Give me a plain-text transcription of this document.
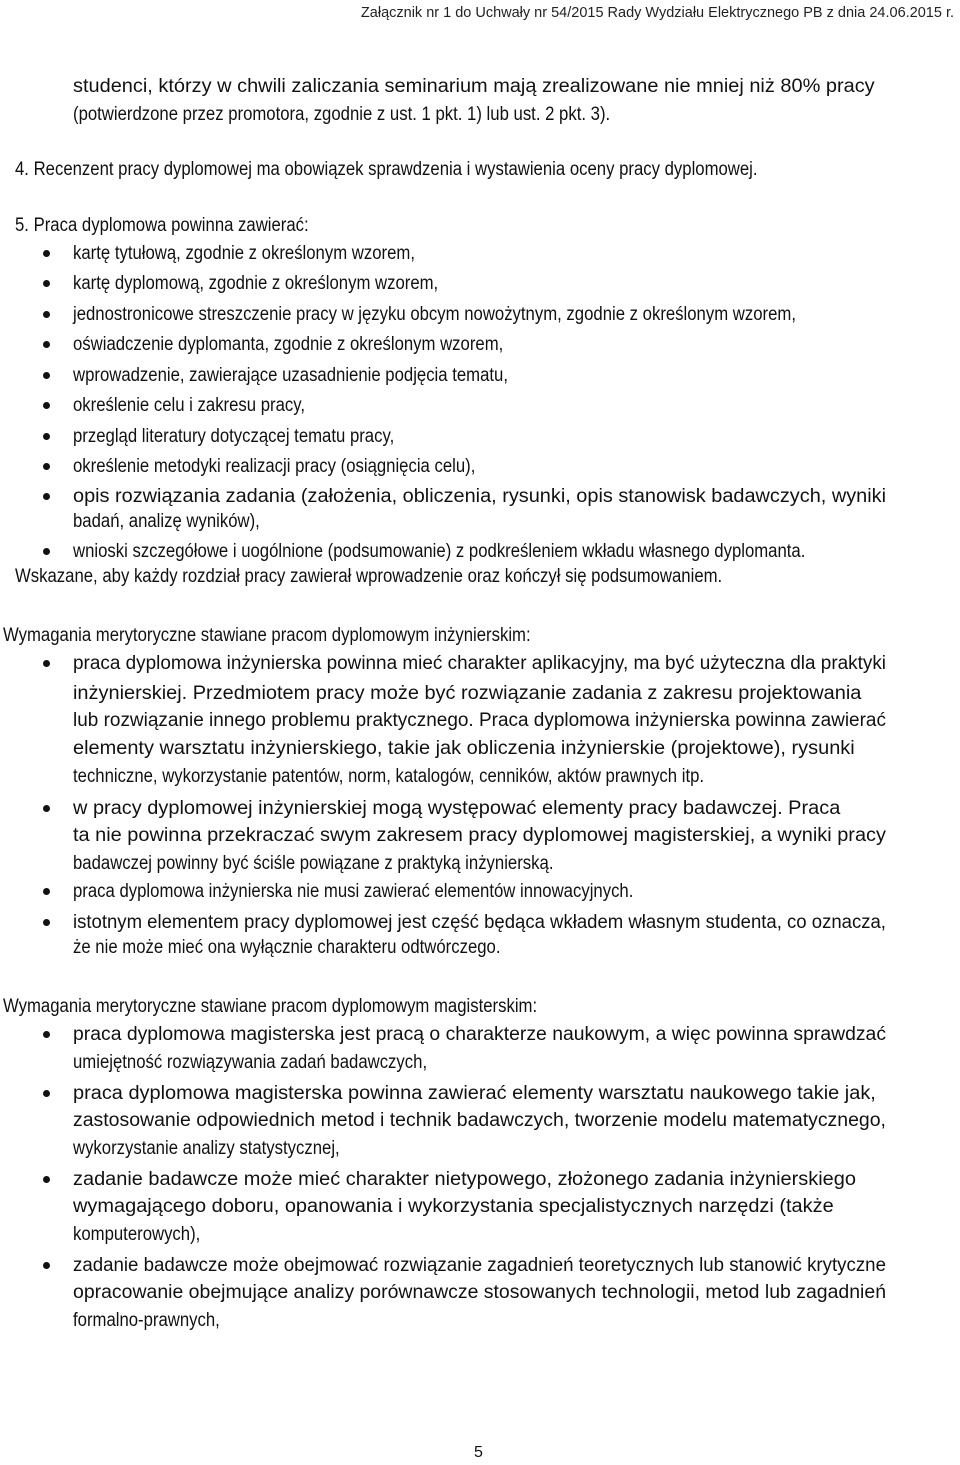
Załącznik nr 1 do Uchwały nr 54/2015 Rady Wydziału Elektrycznego PB z dnia 24.06.2015 r.
studenci, którzy w chwili zaliczania seminarium mają zrealizowane nie mniej niż 80% pracy
(potwierdzone przez promotora, zgodnie z ust. 1 pkt. 1) lub ust. 2 pkt. 3).
4. Recenzent pracy dyplomowej ma obowiązek sprawdzenia i wystawienia oceny pracy dyplomowej.
5. Praca dyplomowa powinna zawierać:
kartę tytułową, zgodnie z określonym wzorem,
kartę dyplomową, zgodnie z określonym wzorem,
jednostronicowe streszczenie pracy w języku obcym nowożytnym, zgodnie z określonym wzorem,
oświadczenie dyplomanta, zgodnie z określonym wzorem,
wprowadzenie, zawierające uzasadnienie podjęcia tematu,
określenie celu i zakresu pracy,
przegląd literatury dotyczącej tematu pracy,
określenie metodyki realizacji pracy (osiągnięcia celu),
opis rozwiązania zadania (założenia, obliczenia, rysunki, opis stanowisk badawczych, wyniki
badań, analizę wyników),
wnioski szczegółowe i uogólnione (podsumowanie) z podkreśleniem wkładu własnego dyplomanta.
Wskazane, aby każdy rozdział pracy zawierał wprowadzenie oraz kończył się podsumowaniem.
Wymagania merytoryczne stawiane pracom dyplomowym inżynierskim:
praca dyplomowa inżynierska powinna mieć charakter aplikacyjny, ma być użyteczna dla praktyki
inżynierskiej. Przedmiotem pracy może być rozwiązanie zadania z zakresu projektowania
lub rozwiązanie innego problemu praktycznego. Praca dyplomowa inżynierska powinna zawierać
elementy warsztatu inżynierskiego, takie jak obliczenia inżynierskie (projektowe), rysunki
techniczne, wykorzystanie patentów, norm, katalogów, cenników, aktów prawnych itp.
w pracy dyplomowej inżynierskiej mogą występować elementy pracy badawczej. Praca
ta nie powinna przekraczać swym zakresem pracy dyplomowej magisterskiej, a wyniki pracy
badawczej powinny być ściśle powiązane z praktyką inżynierską.
praca dyplomowa inżynierska nie musi zawierać elementów innowacyjnych.
istotnym elementem pracy dyplomowej jest część będąca wkładem własnym studenta, co oznacza,
że nie może mieć ona wyłącznie charakteru odtwórczego.
Wymagania merytoryczne stawiane pracom dyplomowym magisterskim:
praca dyplomowa magisterska jest pracą o charakterze naukowym, a więc powinna sprawdzać
umiejętność rozwiązywania zadań badawczych,
praca dyplomowa magisterska powinna zawierać elementy warsztatu naukowego takie jak,
zastosowanie odpowiednich metod i technik badawczych, tworzenie modelu matematycznego,
wykorzystanie analizy statystycznej,
zadanie badawcze może mieć charakter nietypowego, złożonego zadania inżynierskiego
wymagającego doboru, opanowania i wykorzystania specjalistycznych narzędzi (także
komputerowych),
zadanie badawcze może obejmować rozwiązanie zagadnień teoretycznych lub stanowić krytyczne
opracowanie obejmujące analizy porównawcze stosowanych technologii, metod lub zagadnień
formalno-prawnych,
5
